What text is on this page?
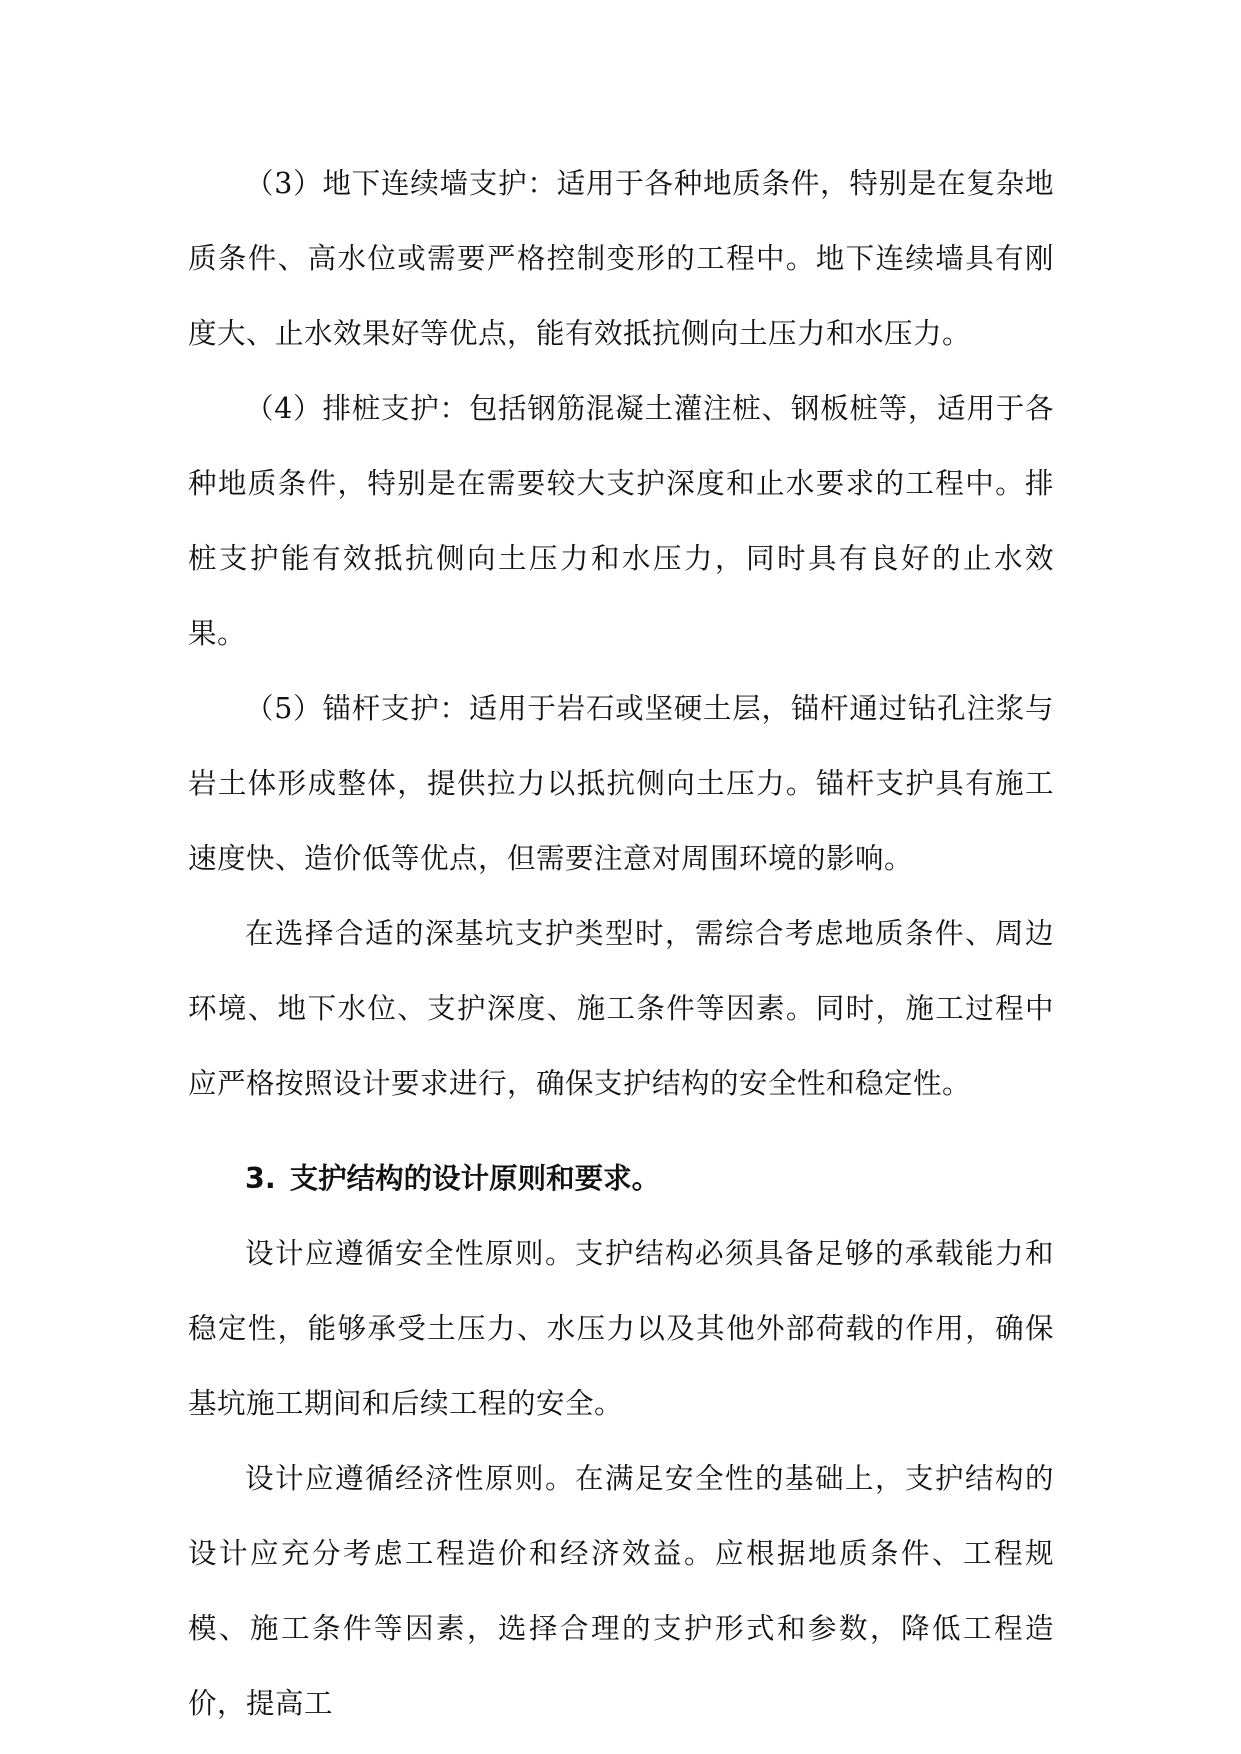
（3）地下连续墙支护：适用于各种地质条件，特别是在复杂地质条件、高水位或需要严格控制变形的工程中。地下连续墙具有刚度大、止水效果好等优点，能有效抵抗侧向土压力和水压力。

（4）排桩支护：包括钢筋混凝土灌注桩、钢板桩等，适用于各种地质条件，特别是在需要较大支护深度和止水要求的工程中。排桩支护能有效抵抗侧向土压力和水压力，同时具有良好的止水效果。

（5）锚杆支护：适用于岩石或坚硬土层，锚杆通过钻孔注浆与岩土体形成整体，提供拉力以抵抗侧向土压力。锚杆支护具有施工速度快、造价低等优点，但需要注意对周围环境的影响。

在选择合适的深基坑支护类型时，需综合考虑地质条件、周边环境、地下水位、支护深度、施工条件等因素。同时，施工过程中应严格按照设计要求进行，确保支护结构的安全性和稳定性。

3. 支护结构的设计原则和要求。

设计应遵循安全性原则。支护结构必须具备足够的承载能力和稳定性，能够承受土压力、水压力以及其他外部荷载的作用，确保基坑施工期间和后续工程的安全。

设计应遵循经济性原则。在满足安全性的基础上，支护结构的设计应充分考虑工程造价和经济效益。应根据地质条件、工程规模、施工条件等因素，选择合理的支护形式和参数，降低工程造价，提高工
